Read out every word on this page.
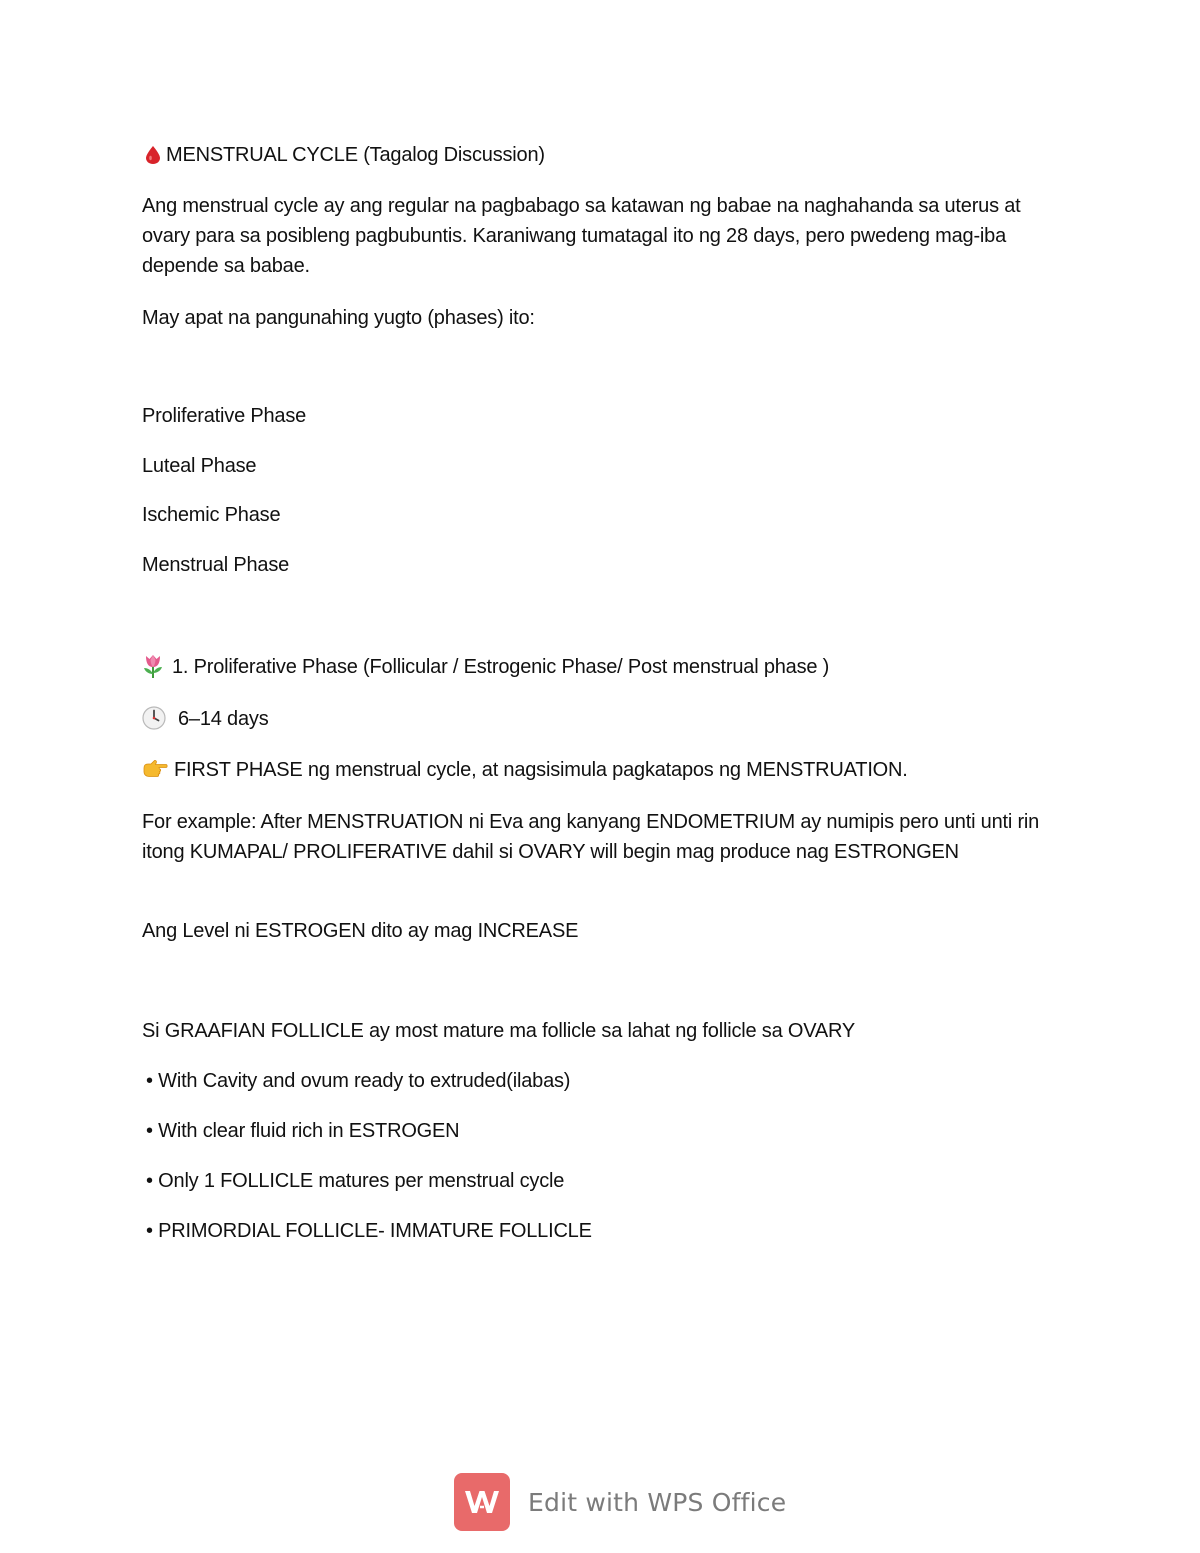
MENSTRUAL CYCLE (Tagalog Discussion)
Ang menstrual cycle ay ang regular na pagbabago sa katawan ng babae na naghahanda sa uterus at ovary para sa posibleng pagbubuntis. Karaniwang tumatagal ito ng 28 days, pero pwedeng mag-iba depende sa babae.
May apat na pangunahing yugto (phases) ito:
Proliferative Phase
Luteal Phase
Ischemic Phase
Menstrual Phase
1. Proliferative Phase (Follicular / Estrogenic Phase/ Post menstrual phase )
6–14 days
FIRST PHASE ng menstrual cycle, at nagsisimula pagkatapos ng MENSTRUATION.
For example: After MENSTRUATION ni Eva ang kanyang ENDOMETRIUM ay numipis pero unti unti rin itong KUMAPAL/ PROLIFERATIVE dahil si OVARY will begin mag produce nag ESTRONGEN
Ang Level ni ESTROGEN dito ay mag INCREASE
Si GRAAFIAN FOLLICLE ay most mature ma follicle sa lahat ng follicle sa OVARY
• With Cavity and ovum ready to extruded(ilabas)
• With clear fluid rich in ESTROGEN
• Only 1 FOLLICLE matures per menstrual cycle
• PRIMORDIAL FOLLICLE- IMMATURE FOLLICLE
Edit with WPS Office
